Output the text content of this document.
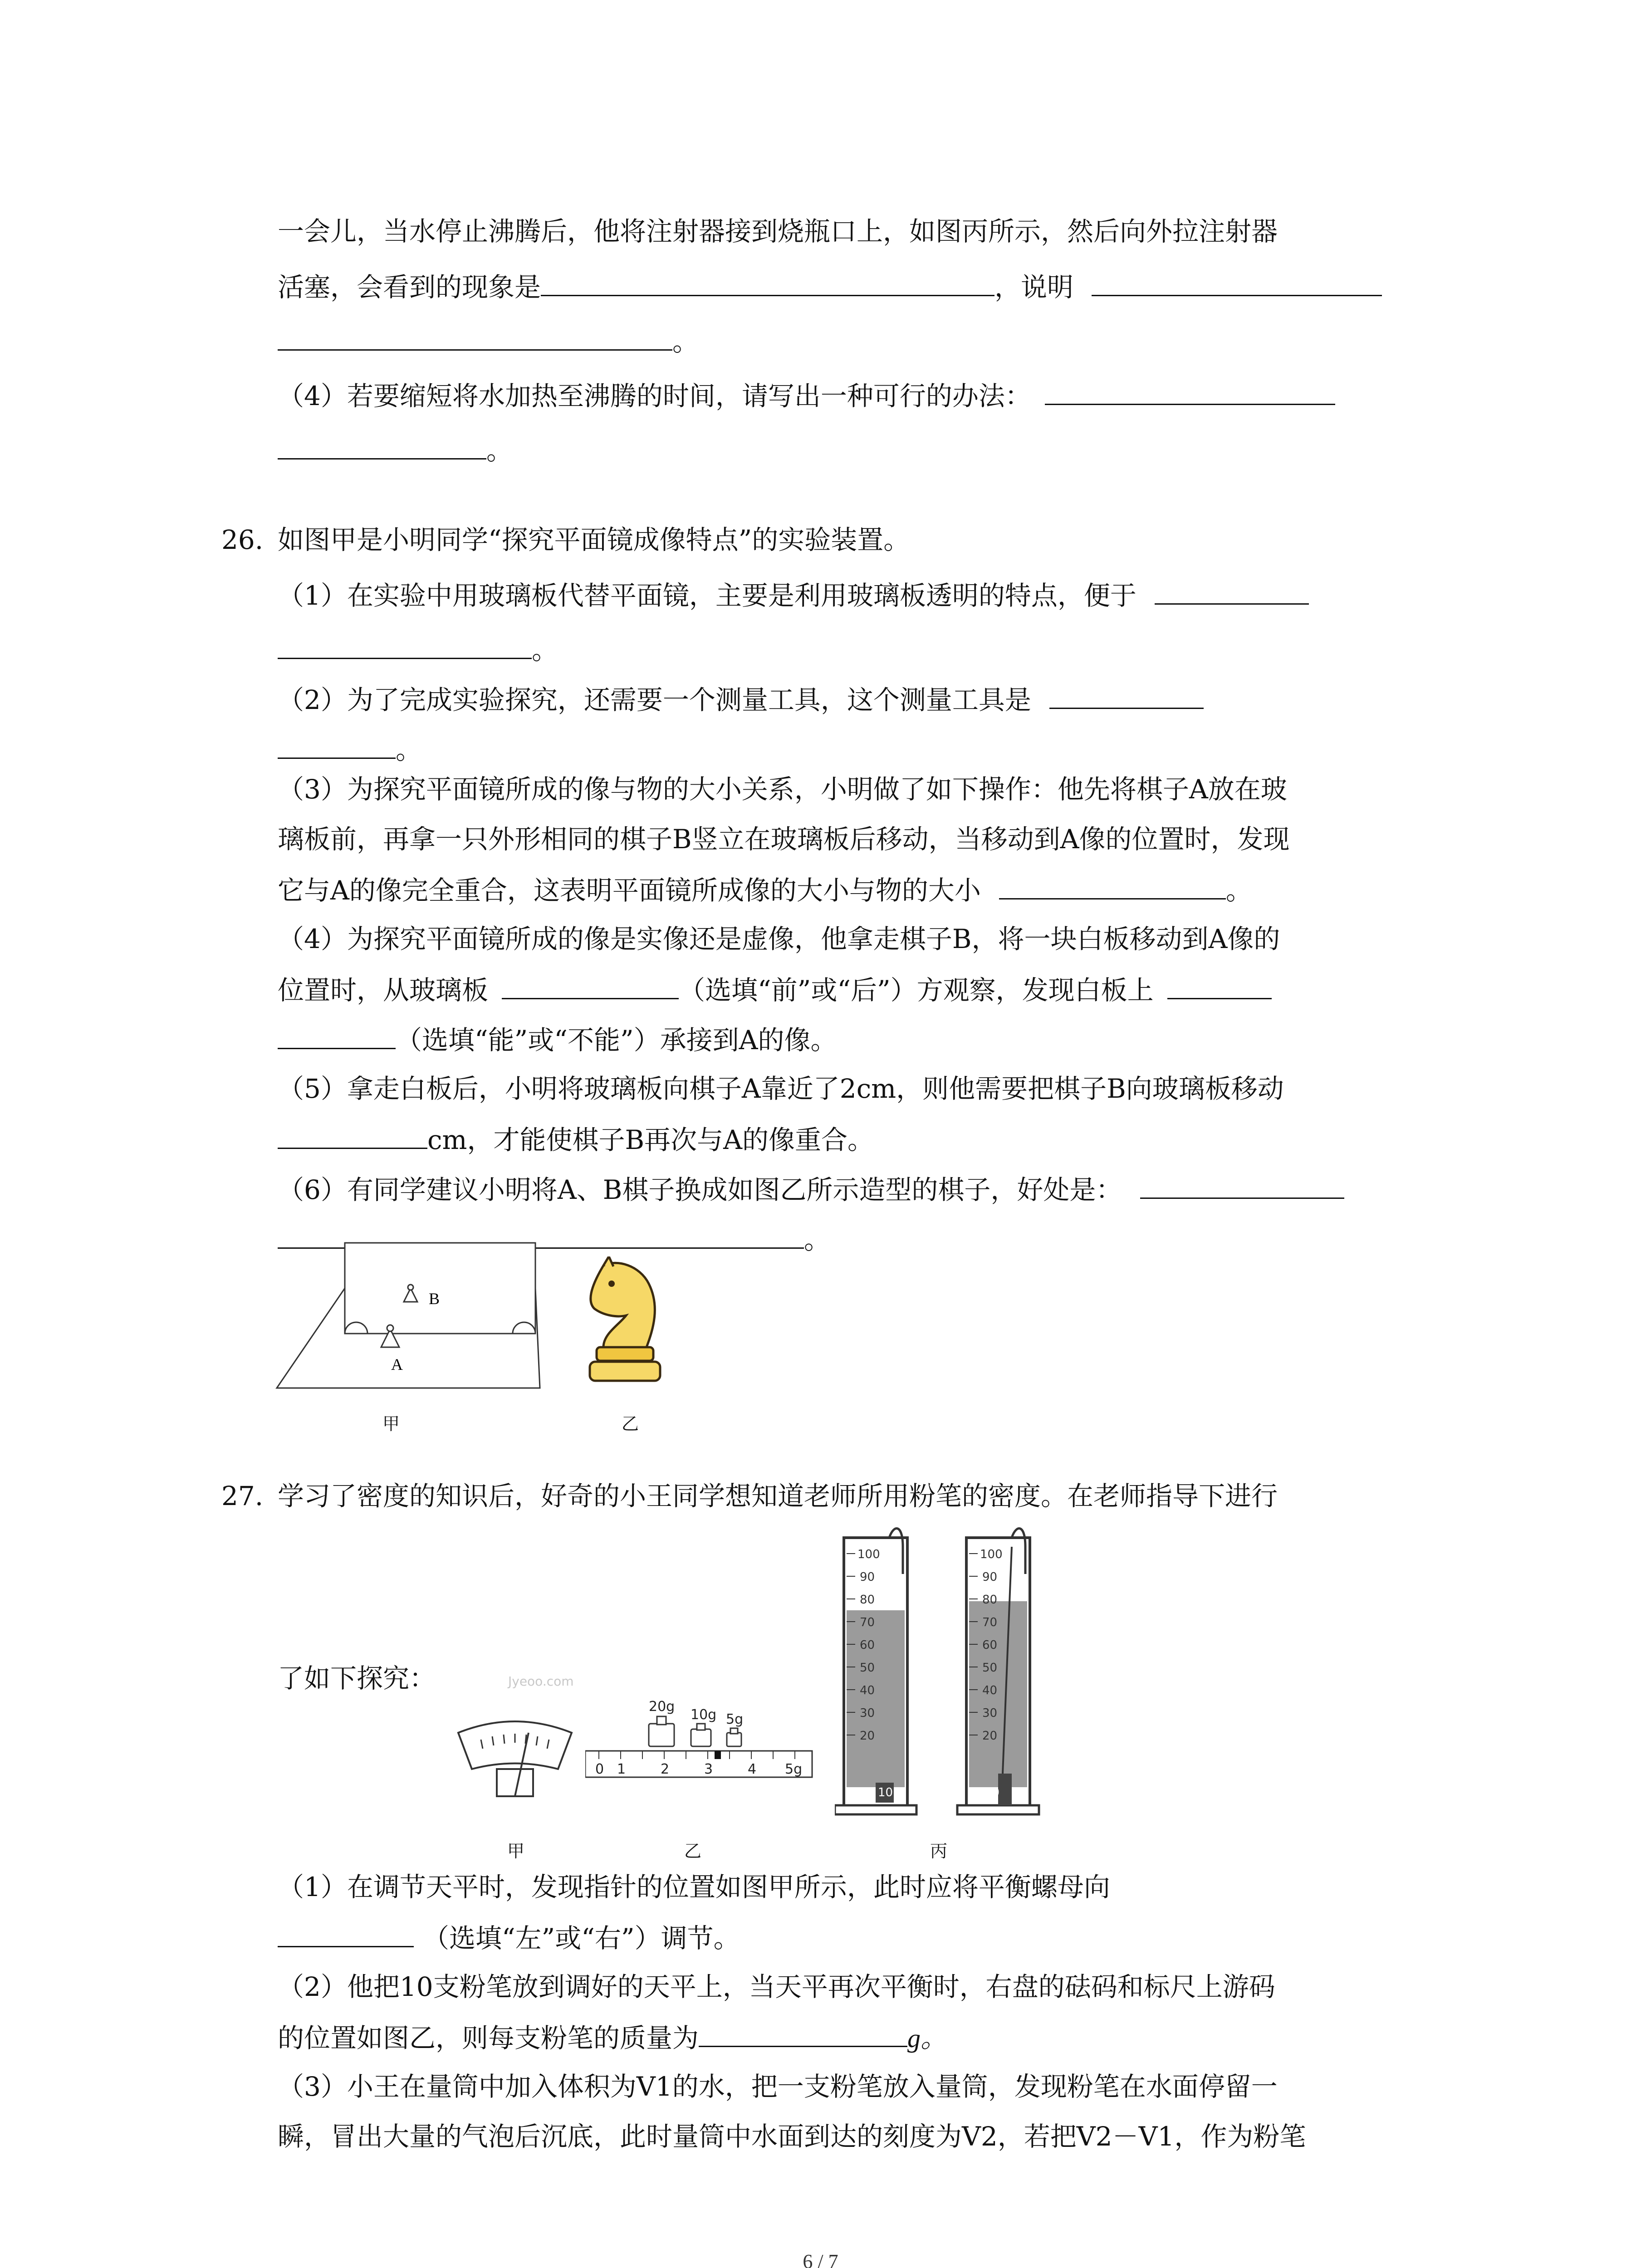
一会儿，当水停止沸腾后，他将注射器接到烧瓶口上，如图丙所示，然后向外拉注射器
活塞，会看到的现象是	，说明
。
（4）若要缩短将水加热至沸腾的时间，请写出一种可行的办法：
。
26. 如图甲是小明同学“探究平面镜成像特点”的实验装置。
（1）在实验中用玻璃板代替平面镜，主要是利用玻璃板透明的特点，便于
。
（2）为了完成实验探究，还需要一个测量工具，这个测量工具是
。
（3）为探究平面镜所成的像与物的大小关系，小明做了如下操作：他先将棋子A放在玻
璃板前，再拿一只外形相同的棋子B竖立在玻璃板后移动，当移动到A像的位置时，发现
它与A的像完全重合，这表明平面镜所成像的大小与物的大小	。
（4）为探究平面镜所成的像是实像还是虚像，他拿走棋子B，将一块白板移动到A像的
位置时，从玻璃板	（选填“前”或“后”）方观察，发现白板上
（选填“能”或“不能”）承接到A的像。
（5）拿走白板后，小明将玻璃板向棋子A靠近了2cm，则他需要把棋子B向玻璃板移动
cm，才能使棋子B再次与A的像重合。
（6）有同学建议小明将A、B棋子换成如图乙所示造型的棋子，好处是：
。
B
A
甲	乙
27. 学习了密度的知识后，好奇的小王同学想知道老师所用粉笔的密度。在老师指导下进行
了如下探究：
甲
Jyeoo.com
20g
10g 5g
0 1	2	3	4 5g
乙
100
90
80
70
60
50
40
30
20
10
100
90
80
70
60
50
40
30
20
10
丙
（1）在调节天平时，发现指针的位置如图甲所示，此时应将平衡螺母向
（选填“左”或“右”）调节。
（2）他把10支粉笔放到调好的天平上，当天平再次平衡时，右盘的砝码和标尺上游码
的位置如图乙，则每支粉笔的质量为	g。
（3）小王在量筒中加入体积为V1的水，把一支粉笔放入量筒，发现粉笔在水面停留一
瞬，冒出大量的气泡后沉底，此时量筒中水面到达的刻度为V2，若把V2－V1，作为粉笔
6 / 7
